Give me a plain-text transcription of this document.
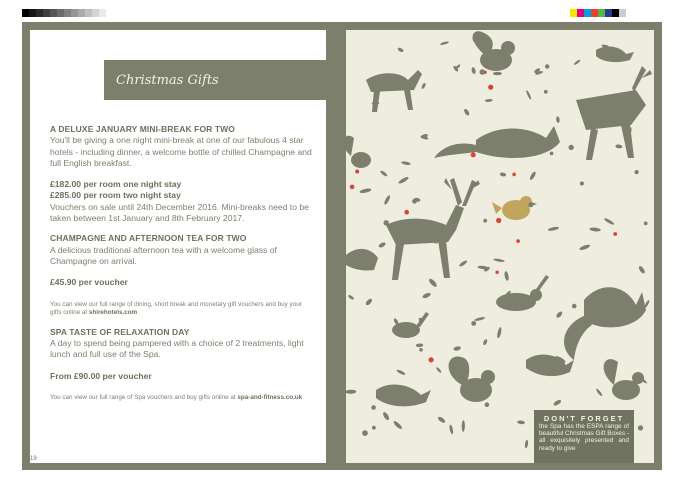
Christmas Gifts
A DELUXE JANUARY MINI-BREAK FOR TWO
You'll be giving a one night mini-break at one of our fabulous 4 star hotels - including dinner, a welcome bottle of chilled Champagne and full English breakfast.
£182.00 per room one night stay
£285.00 per room two night stay
Vouchers on sale until 24th December 2016. Mini-breaks need to be taken between 1st January and 8th February 2017.
CHAMPAGNE AND AFTERNOON TEA FOR TWO
A delicious traditional afternoon tea with a welcome glass of Champagne on arrival.
£45.90 per voucher
You can view our full range of dining, short break and monetary gift vouchers and buy your gifts online at shirehotels.com
SPA TASTE OF RELAXATION DAY
A day to spend being pampered with a choice of 2 treatments, light lunch and full use of the Spa.
From £90.00 per voucher
You can view our full range of Spa vouchers and buy gifts online at spa-and-fitness.co.uk
19
DON'T FORGET
the Spa has the ESPA range of beautiful Christmas Gift Boxes - all exquisitely presented and ready to give
20
